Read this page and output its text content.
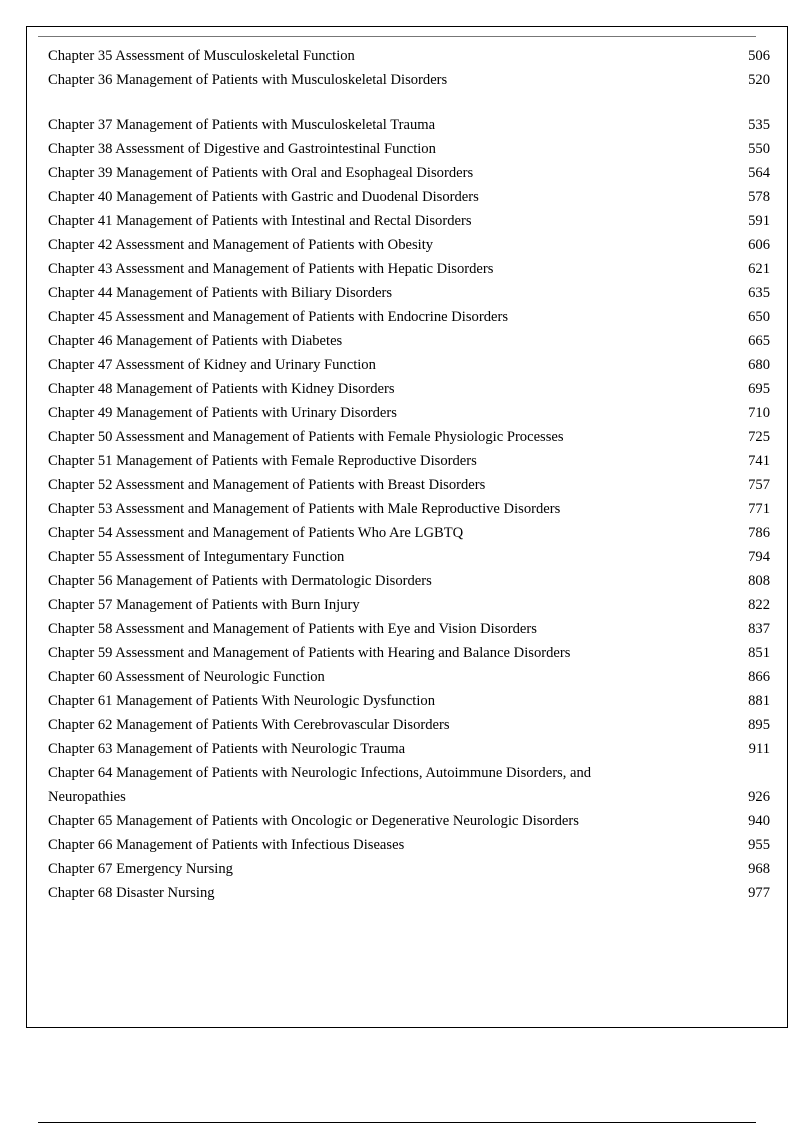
Chapter 35 Assessment of Musculoskeletal Function	506
Chapter 36 Management of Patients with Musculoskeletal Disorders	520
Chapter 37 Management of Patients with Musculoskeletal Trauma	535
Chapter 38 Assessment of Digestive and Gastrointestinal Function	550
Chapter 39 Management of Patients with Oral and Esophageal Disorders	564
Chapter 40 Management of Patients with Gastric and Duodenal Disorders	578
Chapter 41 Management of Patients with Intestinal and Rectal Disorders	591
Chapter 42 Assessment and Management of Patients with Obesity	606
Chapter 43 Assessment and Management of Patients with Hepatic Disorders	621
Chapter 44 Management of Patients with Biliary Disorders	635
Chapter 45 Assessment and Management of Patients with Endocrine Disorders	650
Chapter 46 Management of Patients with Diabetes	665
Chapter 47 Assessment of Kidney and Urinary Function	680
Chapter 48 Management of Patients with Kidney Disorders	695
Chapter 49 Management of Patients with Urinary Disorders	710
Chapter 50 Assessment and Management of Patients with Female Physiologic Processes	725
Chapter 51 Management of Patients with Female Reproductive Disorders	741
Chapter 52 Assessment and Management of Patients with Breast Disorders	757
Chapter 53 Assessment and Management of Patients with Male Reproductive Disorders	771
Chapter 54 Assessment and Management of Patients Who Are LGBTQ	786
Chapter 55 Assessment of Integumentary Function	794
Chapter 56 Management of Patients with Dermatologic Disorders	808
Chapter 57 Management of Patients with Burn Injury	822
Chapter 58 Assessment and Management of Patients with Eye and Vision Disorders	837
Chapter 59 Assessment and Management of Patients with Hearing and Balance Disorders	851
Chapter 60 Assessment of Neurologic Function	866
Chapter 61 Management of Patients With Neurologic Dysfunction	881
Chapter 62 Management of Patients With Cerebrovascular Disorders	895
Chapter 63 Management of Patients with Neurologic Trauma	911
Chapter 64 Management of Patients with Neurologic Infections, Autoimmune Disorders, and Neuropathies	926
Chapter 65 Management of Patients with Oncologic or Degenerative Neurologic Disorders	940
Chapter 66 Management of Patients with Infectious Diseases	955
Chapter 67 Emergency Nursing	968
Chapter 68 Disaster Nursing	977
